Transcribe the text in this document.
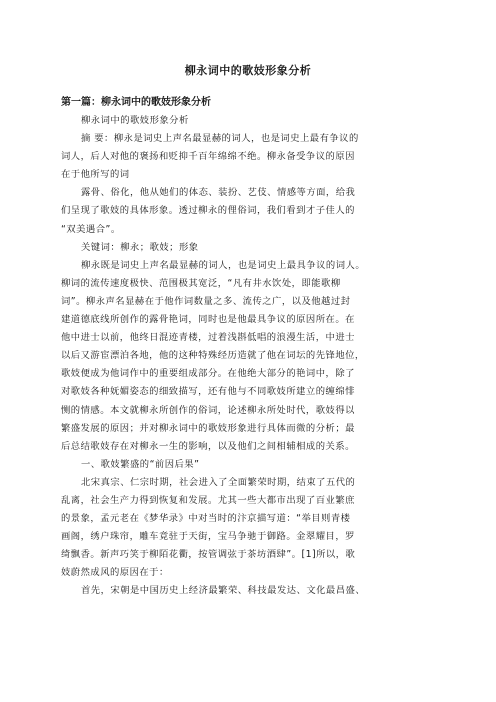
柳永词中的歌妓形象分析
第一篇：柳永词中的歌妓形象分析
柳永词中的歌妓形象分析
摘 要：柳永是词史上声名最显赫的词人，也是词史上最有争议的
词人，后人对他的褒扬和贬抑千百年绵绵不绝。柳永备受争议的原因
在于他所写的词
露骨、俗化，他从她们的体态、装扮、艺伎、情感等方面，给我
们呈现了歌妓的具体形象。透过柳永的俚俗词，我们看到才子佳人的
“双美遇合”。
关键词：柳永；歌妓；形象
柳永既是词史上声名最显赫的词人，也是词史上最具争议的词人。
柳词的流传速度极快、范围极其宽泛，“凡有井水饮处，即能歌柳
词”。柳永声名显赫在于他作词数量之多、流传之广，以及他越过封
建道德底线所创作的露骨艳词，同时也是他最具争议的原因所在。在
他中进士以前，他终日混迹青楼，过着浅斟低唱的浪漫生活，中进士
以后又游宦漂泊各地，他的这种特殊经历造就了他在词坛的先锋地位，
歌妓便成为他词作中的重要组成部分。在他绝大部分的艳词中，除了
对歌妓各种妩媚姿态的细致描写，还有他与不同歌妓所建立的缠绵悱
恻的情感。本文就柳永所创作的俗词，论述柳永所处时代，歌妓得以
繁盛发展的原因；并对柳永词中的歌妓形象进行具体而微的分析；最
后总结歌妓存在对柳永一生的影响，以及他们之间相辅相成的关系。
一、歌妓繁盛的“前因后果”
北宋真宗、仁宗时期，社会进入了全面繁荣时期，结束了五代的
乱离，社会生产力得到恢复和发展。尤其一些大都市出现了百业繁庶
的景象，孟元老在《梦华录》中对当时的汴京描写道：“举目则青楼
画阁，绣户珠帘，雕车竟驻于天街，宝马争驰于御路。金翠耀目，罗
绮飘香。新声巧笑于柳陌花衢，按管调弦于茶坊酒肆”。[1]所以，歌
妓蔚然成风的原因在于：
首先，宋朝是中国历史上经济最繁荣、科技最发达、文化最昌盛、
